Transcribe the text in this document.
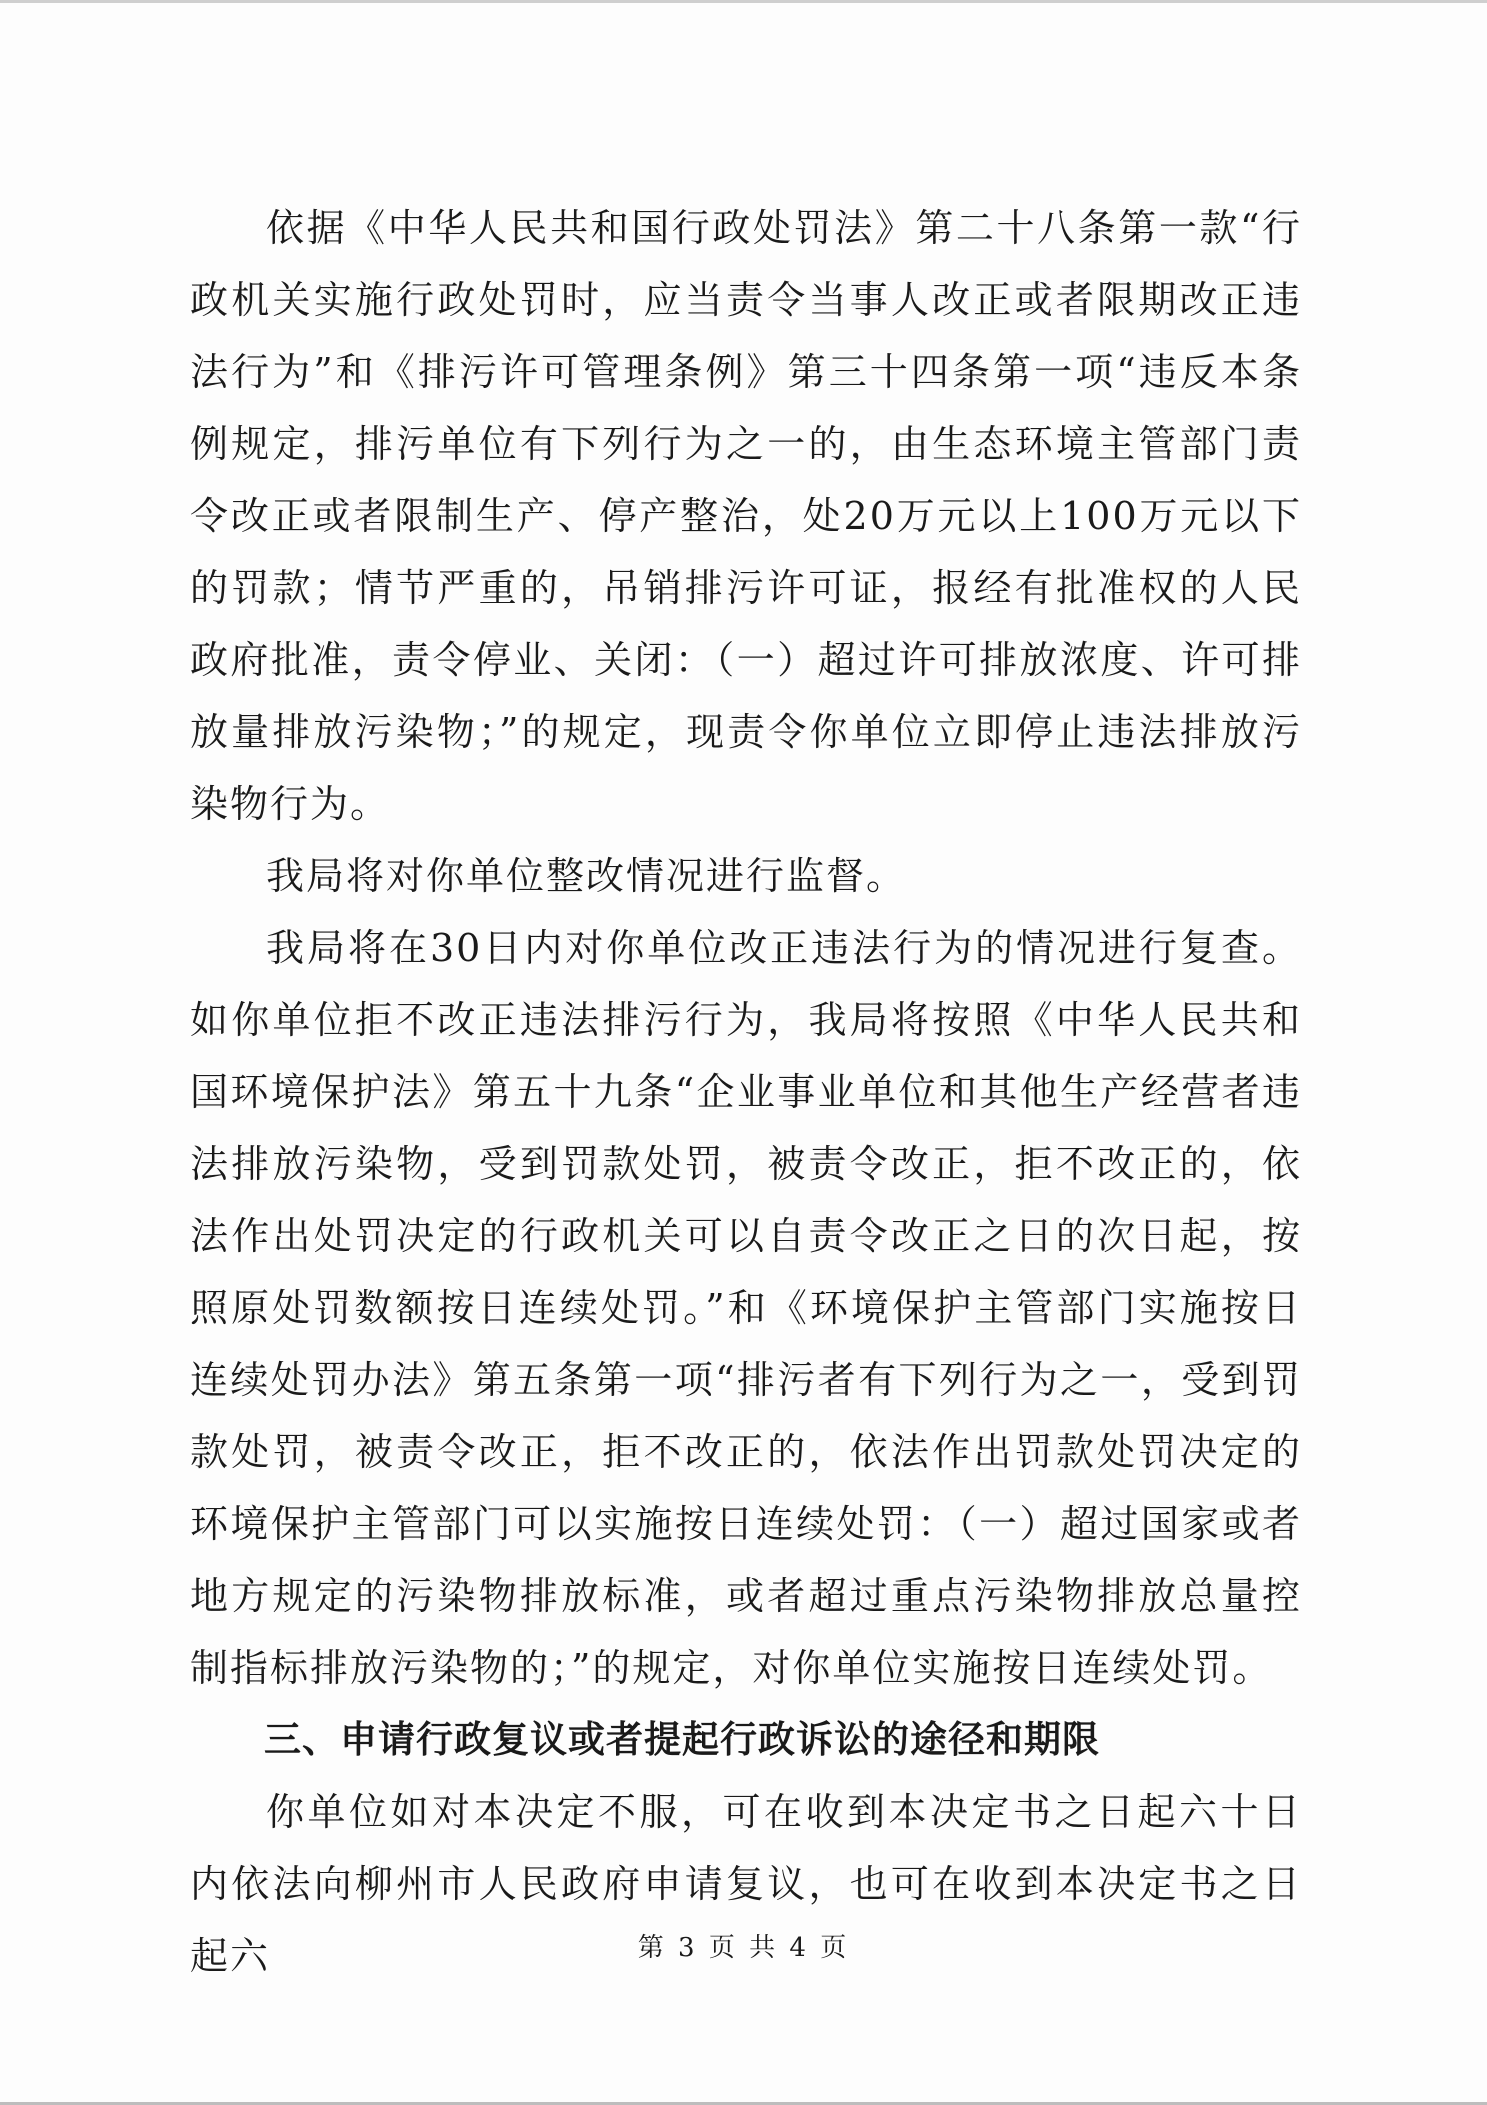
依据《中华人民共和国行政处罚法》第二十八条第一款“行政机关实施行政处罚时，应当责令当事人改正或者限期改正违法行为”和《排污许可管理条例》第三十四条第一项“违反本条例规定，排污单位有下列行为之一的，由生态环境主管部门责令改正或者限制生产、停产整治，处20万元以上100万元以下的罚款；情节严重的，吊销排污许可证，报经有批准权的人民政府批准，责令停业、关闭：（一）超过许可排放浓度、许可排放量排放污染物；”的规定，现责令你单位立即停止违法排放污染物行为。

我局将对你单位整改情况进行监督。

我局将在30日内对你单位改正违法行为的情况进行复查。如你单位拒不改正违法排污行为，我局将按照《中华人民共和国环境保护法》第五十九条“企业事业单位和其他生产经营者违法排放污染物，受到罚款处罚，被责令改正，拒不改正的，依法作出处罚决定的行政机关可以自责令改正之日的次日起，按照原处罚数额按日连续处罚。”和《环境保护主管部门实施按日连续处罚办法》第五条第一项“排污者有下列行为之一，受到罚款处罚，被责令改正，拒不改正的，依法作出罚款处罚决定的环境保护主管部门可以实施按日连续处罚：（一）超过国家或者地方规定的污染物排放标准，或者超过重点污染物排放总量控制指标排放污染物的；”的规定，对你单位实施按日连续处罚。

三、申请行政复议或者提起行政诉讼的途径和期限

你单位如对本决定不服，可在收到本决定书之日起六十日内依法向柳州市人民政府申请复议，也可在收到本决定书之日起六	第 3 页 共 4 页
